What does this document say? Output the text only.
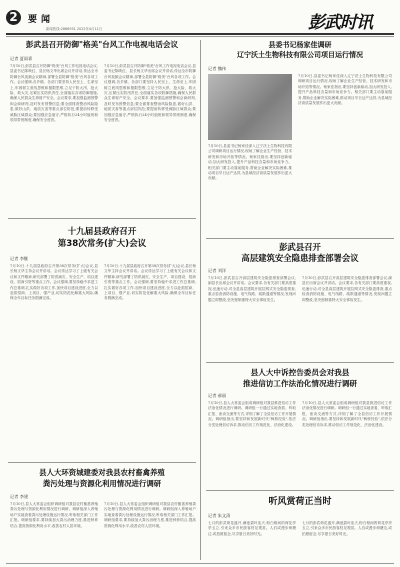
2	要闻
新闻热线:2866931 2022年4月11日	彭武时讯
彭武县召开防御"格美"台风工作电视电话会议
记者 夏雨霏
7月10日,彭武县召开防御"格美"台风工作电视电话会议,县委书记陈映红、县长杨文华出席会议并讲话,传达全市防御台风视频会议精神,部署全县防御"格美"台风各项工作。会议强调,各乡镇、各部门要坚持人民至上、生命至上,牢固树立底线思维和极限思维,立足于防大汛、抢大险、救大灾,压紧压实防汛责任,全面落实各项防御措施,确保人民群众生命财产安全。会议要求,要加强监测预警和会商研判,及时发布预警信息;要全面排查整治风险隐患,做好山洪、地质灾害等重点部位防范;要提前转移受威胁区域群众;要加强应急值守,严格执行24小时值班和领导带班制度,确保安全度汛。
7月10日,彭武县召开防御"格美"台风工作电视电话会议,县委书记陈映红、县长杨文华出席会议并讲话,传达全市防御台风视频会议精神,部署全县防御"格美"台风各项工作。会议强调,各乡镇、各部门要坚持人民至上、生命至上,牢固树立底线思维和极限思维,立足于防大汛、抢大险、救大灾,压紧压实防汛责任,全面落实各项防御措施,确保人民群众生命财产安全。会议要求,要加强监测预警和会商研判,及时发布预警信息;要全面排查整治风险隐患,做好山洪、地质灾害等重点部位防范;要提前转移受威胁区域群众;要加强应急值守,严格执行24小时值班和领导带班制度,确保安全度汛。
县委书记杨家佳调研
辽宁沃土生物科技有限公司项目运行情况
记者 魏伟
7月10日,县委书记杨家佳深入辽宁沃土生物科技有限公司调研项目运行情况,现场了解企业生产经营、技术研发和市场开拓等情况。杨家佳指出,要坚持创新驱动,加大研发投入,提升产品科技含量和市场竞争力。相关部门要主动靠前服务,帮助企业解决实际困难,推动项目早日达产达效,为县域经济高质量发展作出更大贡献。
7月10日,县委书记杨家佳深入辽宁沃土生物科技有限公司调研项目运行情况,现场了解企业生产经营、技术研发和市场开拓等情况。杨家佳指出,要坚持创新驱动,加大研发投入,提升产品科技含量和市场竞争力。相关部门要主动靠前服务,帮助企业解决实际困难,推动项目早日达产达效,为县域经济高质量发展作出更大贡献。
十九届县政府召开
第38次常务(扩大)会议
记者 李继
7月10日,十九届县政府召开第38次常务(扩大)会议,县长杨文华主持会议并讲话。会议传达学习了上级有关会议和文件精神,研究部署了防汛减灾、安全生产、项目建设、招商引资等重点工作。会议强调,要坚持稳中求进工作总基调,扎实做好各项工作,加快项目建设进度,全力以赴抓招商、上项目、强产业,切实防范化解重大风险,确保全年目标任务圆满完成。
7月10日,十九届县政府召开第38次常务(扩大)会议,县长杨文华主持会议并讲话。会议传达学习了上级有关会议和文件精神,研究部署了防汛减灾、安全生产、项目建设、招商引资等重点工作。会议强调,要坚持稳中求进工作总基调,扎实做好各项工作,加快项目建设进度,全力以赴抓招商、上项目、强产业,切实防范化解重大风险,确保全年目标任务圆满完成。
彭武县召开
高层建筑安全隐患排查部署会议
记者 刘洋
7月10日,彭武县召开高层建筑安全隐患排查部署会议,副县长出席会议并讲话。会议要求,各有关部门要高度重视,迅速行动,对全县高层建筑开展拉网式安全隐患排查,重点检查消防设施、电气线路、疏散通道等情况,发现问题立即整改,坚决遏制重特大安全事故发生。
7月10日,彭武县召开高层建筑安全隐患排查部署会议,副县长出席会议并讲话。会议要求,各有关部门要高度重视,迅速行动,对全县高层建筑开展拉网式安全隐患排查,重点检查消防设施、电气线路、疏散通道等情况,发现问题立即整改,坚决遏制重特大安全事故发生。
县人大中诉控告委员会对我县
推进信访工作法治化情况进行调研
记者 郝丽
7月10日,县人大常委会组成调研组对我县推进信访工作法治化情况进行调研。调研组一行通过实地查看、听取汇报、座谈交流等方式,详细了解了全县信访工作开展情况。调研组指出,要坚持和发展新时代"枫桥经验",依法分类处理信访诉求,推动信访工作规范化、法治化建设。
7月10日,县人大常委会组成调研组对我县推进信访工作法治化情况进行调研。调研组一行通过实地查看、听取汇报、座谈交流等方式,详细了解了全县信访工作开展情况。调研组指出,要坚持和发展新时代"枫桥经验",依法分类处理信访诉求,推动信访工作规范化、法治化建设。
县人大环资城建委对我县农村畜禽养殖
粪污处理与资源化利用情况进行调研
记者 李建
7月10日,县人大常委会组织调研组对我县农村畜禽养殖粪污处理与资源化利用情况进行调研。调研组深入养殖场户实地查看粪污处理设施运行情况,听取相关部门工作汇报。调研组要求,要持续加大粪污治理力度,推进种养结合,提高资源化利用水平,改善农村人居环境。
7月10日,县人大常委会组织调研组对我县农村畜禽养殖粪污处理与资源化利用情况进行调研。调研组深入养殖场户实地查看粪污处理设施运行情况,听取相关部门工作汇报。调研组要求,要持续加大粪污治理力度,推进种养结合,提高资源化利用水平,改善农村人居环境。
听风赏荷正当时
记者 朱文清
七月的彭武荷花盛开,满池碧叶连天,粉白相间的荷花亭亭玉立,引来众多市民游客驻足观赏。人们或漫步荷塘边,或拍照留念,尽享夏日美好时光。
七月的彭武荷花盛开,满池碧叶连天,粉白相间的荷花亭亭玉立,引来众多市民游客驻足观赏。人们或漫步荷塘边,或拍照留念,尽享夏日美好时光。
